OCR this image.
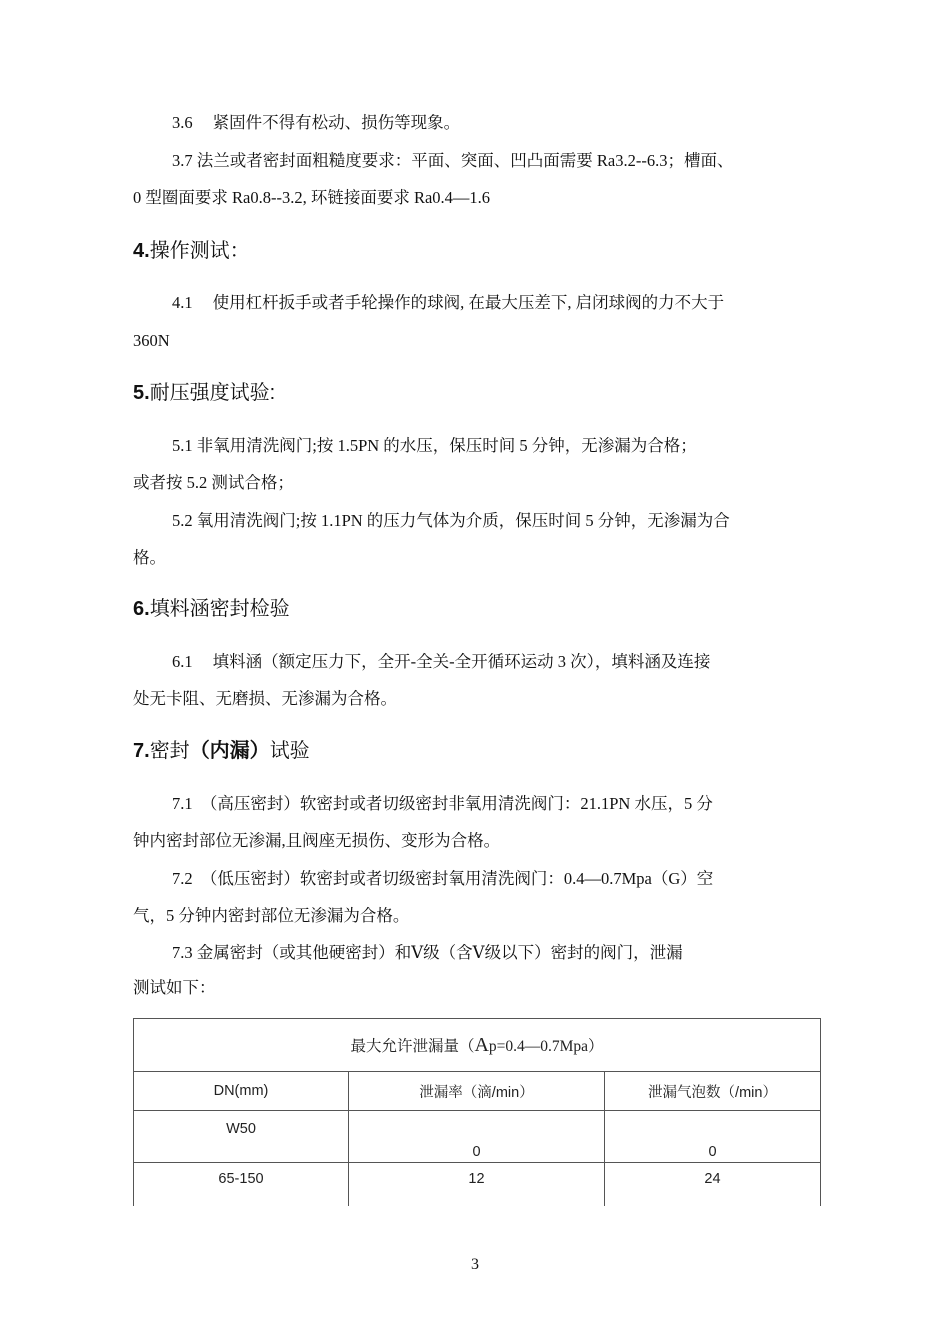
3.6 紧固件不得有松动、损伤等现象。
3.7 法兰或者密封面粗糙度要求：平面、突面、凹凸面需要 Ra3.2--6.3；槽面、
0 型圈面要求 Ra0.8--3.2, 环链接面要求 Ra0.4—1.6
4.操作测试：
4.1 使用杠杆扳手或者手轮操作的球阀, 在最大压差下, 启闭球阀的力不大于
360N
5.耐压强度试验:
5.1 非氧用清洗阀门;按 1.5PN 的水压，保压时间 5 分钟，无渗漏为合格；
或者按 5.2 测试合格；
5.2 氧用清洗阀门;按 1.1PN 的压力气体为介质，保压时间 5 分钟，无渗漏为合
格。
6.填料涵密封检验
6.1 填料涵（额定压力下，全开-全关-全开循环运动 3 次），填料涵及连接
处无卡阻、无磨损、无渗漏为合格。
7.密封（内漏）试验
7.1　（高压密封）软密封或者切级密封非氧用清洗阀门：21.1PN 水压，5 分
钟内密封部位无渗漏,且阀座无损伤、变形为合格。
7.2　（低压密封）软密封或者切级密封氧用清洗阀门：0.4—0.7Mpa（G）空
气，5 分钟内密封部位无渗漏为合格。
7.3 金属密封（或其他硬密封）和Ⅴ级（含Ⅴ级以下）密封的阀门，泄漏
测试如下：
最大允许泄漏量（Ap=0.4—0.7Mpa）		
DN(mm)	泄漏率（滴/min）	泄漏气泡数（/min）
W50	0	0
65-150	12	24
3
